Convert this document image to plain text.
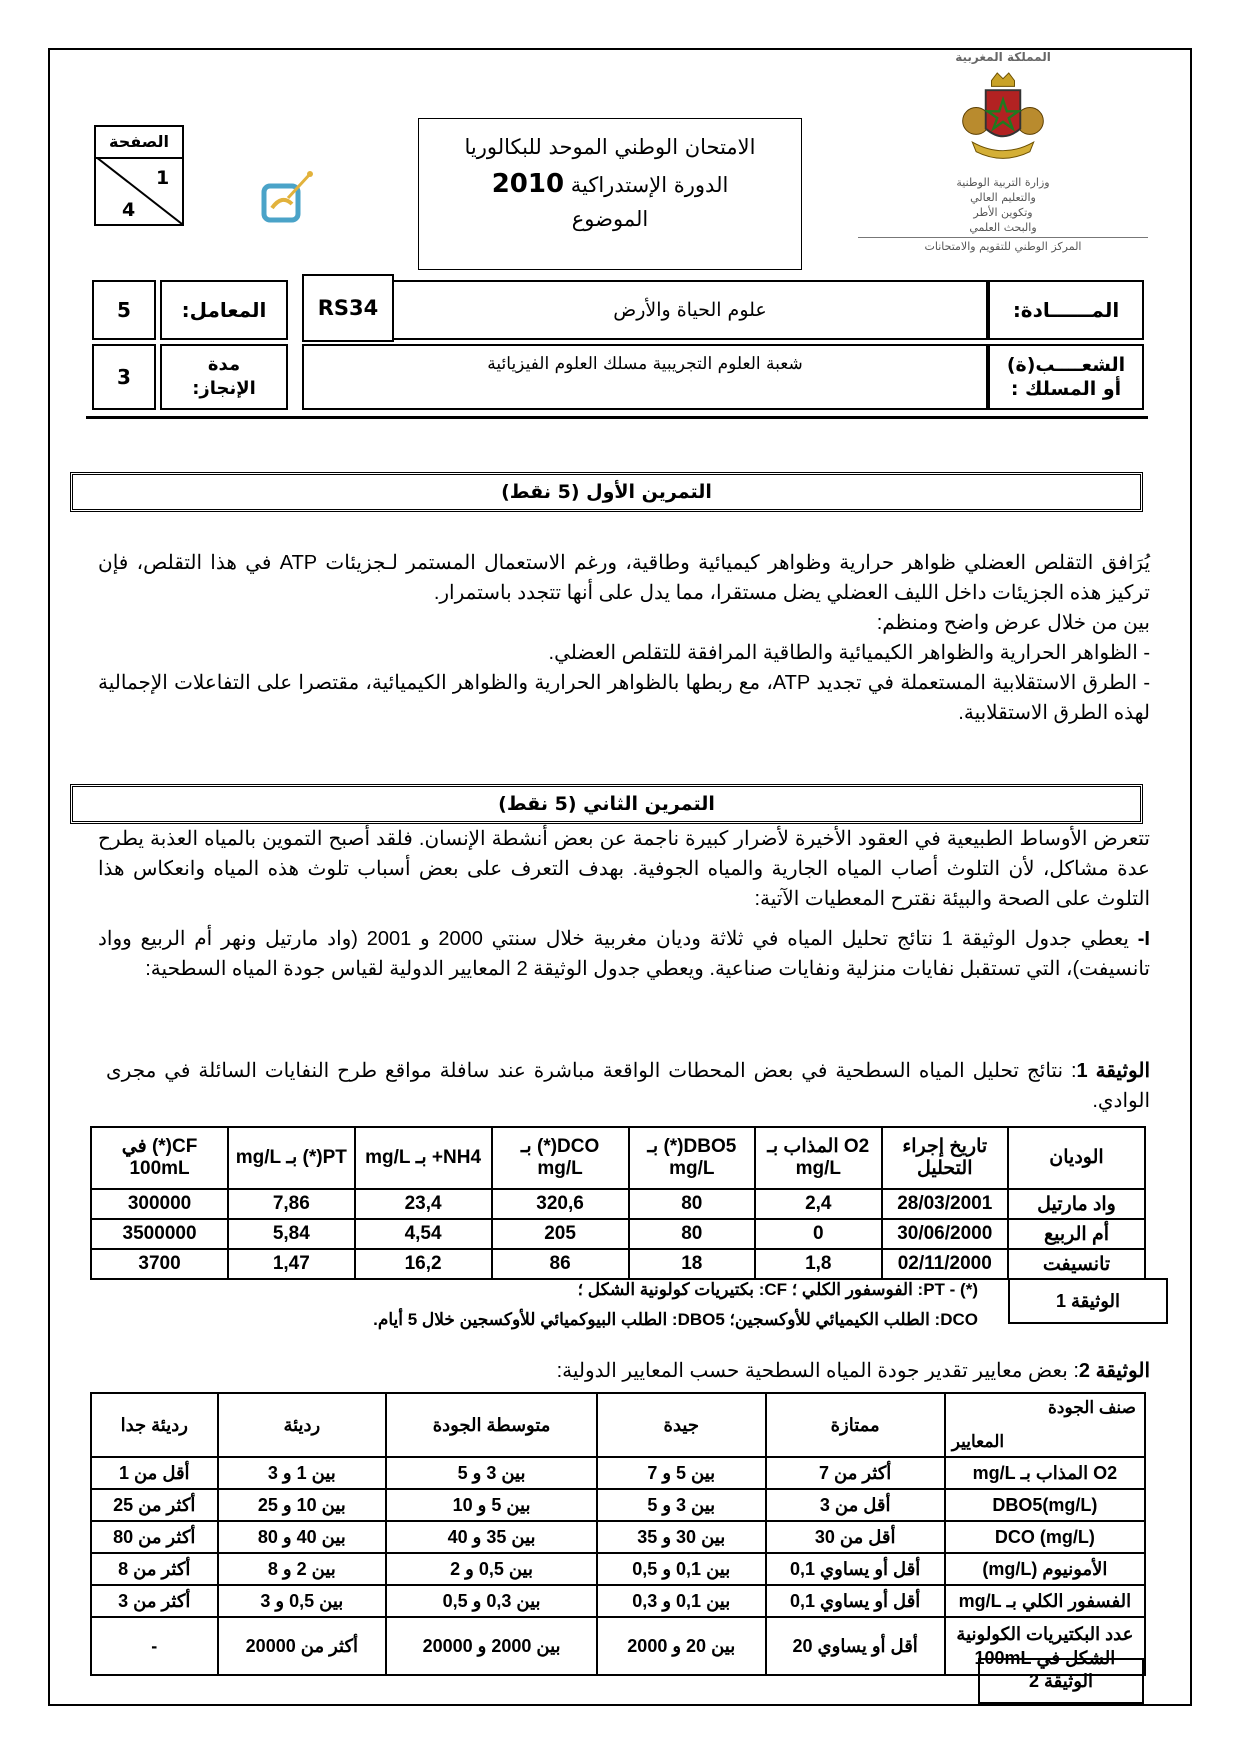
المملكة المغربية
وزارة التربية الوطنية
والتعليم العالي
وتكوين الأطر
والبحث العلمي
المركز الوطني للتقويم والامتحانات
الامتحان الوطني الموحد للبكالوريا
الدورة الإستدراكية 2010
الموضوع
الصفحة
1
4
المــــــادة:
علوم الحياة والأرض
RS34
المعامل:
5
الشعــــب(ة)
أو المسلك :
شعبة العلوم التجريبية مسلك العلوم الفيزيائية
مدة
الإنجاز:
3
التمرين الأول (5 نقط)
يُرَافق التقلص العضلي ظواهر حرارية وظواهر كيميائية وطاقية، ورغم الاستعمال المستمر لـجزيئات ATP في هذا التقلص، فإن تركيز هذه الجزيئات داخل الليف العضلي يضل مستقرا، مما يدل على أنها تتجدد باستمرار.
بين من خلال عرض واضح ومنظم:
- الظواهر الحرارية والظواهر الكيميائية والطاقية المرافقة للتقلص العضلي.
- الطرق الاستقلابية المستعملة في تجديد ATP، مع ربطها بالظواهر الحرارية والظواهر الكيميائية، مقتصرا على التفاعلات الإجمالية لهذه الطرق الاستقلابية.
التمرين الثاني (5 نقط)
تتعرض الأوساط الطبيعية في العقود الأخيرة لأضرار كبيرة ناجمة عن بعض أنشطة الإنسان. فلقد أصبح التموين بالمياه العذبة يطرح عدة مشاكل، لأن التلوث أصاب المياه الجارية والمياه الجوفية. بهدف التعرف على بعض أسباب تلوث هذه المياه وانعكاس هذا التلوث على الصحة والبيئة نقترح المعطيات الآتية:
I- يعطي جدول الوثيقة 1 نتائج تحليل المياه في ثلاثة وديان مغربية خلال سنتي 2000 و 2001 (واد مارتيل ونهر أم الربيع وواد تانسيفت)، التي تستقبل نفايات منزلية ونفايات صناعية. ويعطي جدول الوثيقة 2 المعايير الدولية لقياس جودة المياه السطحية:
الوثيقة 1: نتائج تحليل المياه السطحية في بعض المحطات الواقعة مباشرة عند سافلة مواقع طرح النفايات السائلة في مجرى الوادي.
الوديان	تاريخ إجراء التحليل	O2 المذاب بـ mg/L	DBO5(*) بـ mg/L	DCO(*) بـ mg/L	NH4+ بـ mg/L	PT(*) بـ mg/L	CF(*) في 100mL
واد مارتيل	28/03/2001	2,4	80	320,6	23,4	7,86	300000
أم الربيع	30/06/2000	0	80	205	4,54	5,84	3500000
تانسيفت	02/11/2000	1,8	18	86	16,2	1,47	3700
الوثيقة 1
(*) - PT: الفوسفور الكلي ؛ CF: بكتيريات كولونية الشكل ؛
DCO: الطلب الكيميائي للأوكسجين؛ DBO5: الطلب البيوكميائي للأوكسجين خلال 5 أيام.
الوثيقة 2: بعض معايير تقدير جودة المياه السطحية حسب المعايير الدولية:
صنف الجودة
المعايير	ممتازة	جيدة	متوسطة الجودة	رديئة	رديئة جدا
O2 المذاب بـ mg/L	أكثر من 7	بين 5 و 7	بين 3 و 5	بين 1 و 3	أقل من 1
DBO5(mg/L)	أقل من 3	بين 3 و 5	بين 5 و 10	بين 10 و 25	أكثر من 25
DCO (mg/L)	أقل من 30	بين 30 و 35	بين 35 و 40	بين 40 و 80	أكثر من 80
الأمونيوم (mg/L)	أقل أو يساوي 0,1	بين 0,1 و 0,5	بين 0,5 و 2	بين 2 و 8	أكثر من 8
الفسفور الكلي بـ mg/L	أقل أو يساوي 0,1	بين 0,1 و 0,3	بين 0,3 و 0,5	بين 0,5 و 3	أكثر من 3
عدد البكتيريات الكولونية الشكل في 100mL	أقل أو يساوي 20	بين 20 و 2000	بين 2000 و 20000	أكثر من 20000	-
الوثيقة 2
